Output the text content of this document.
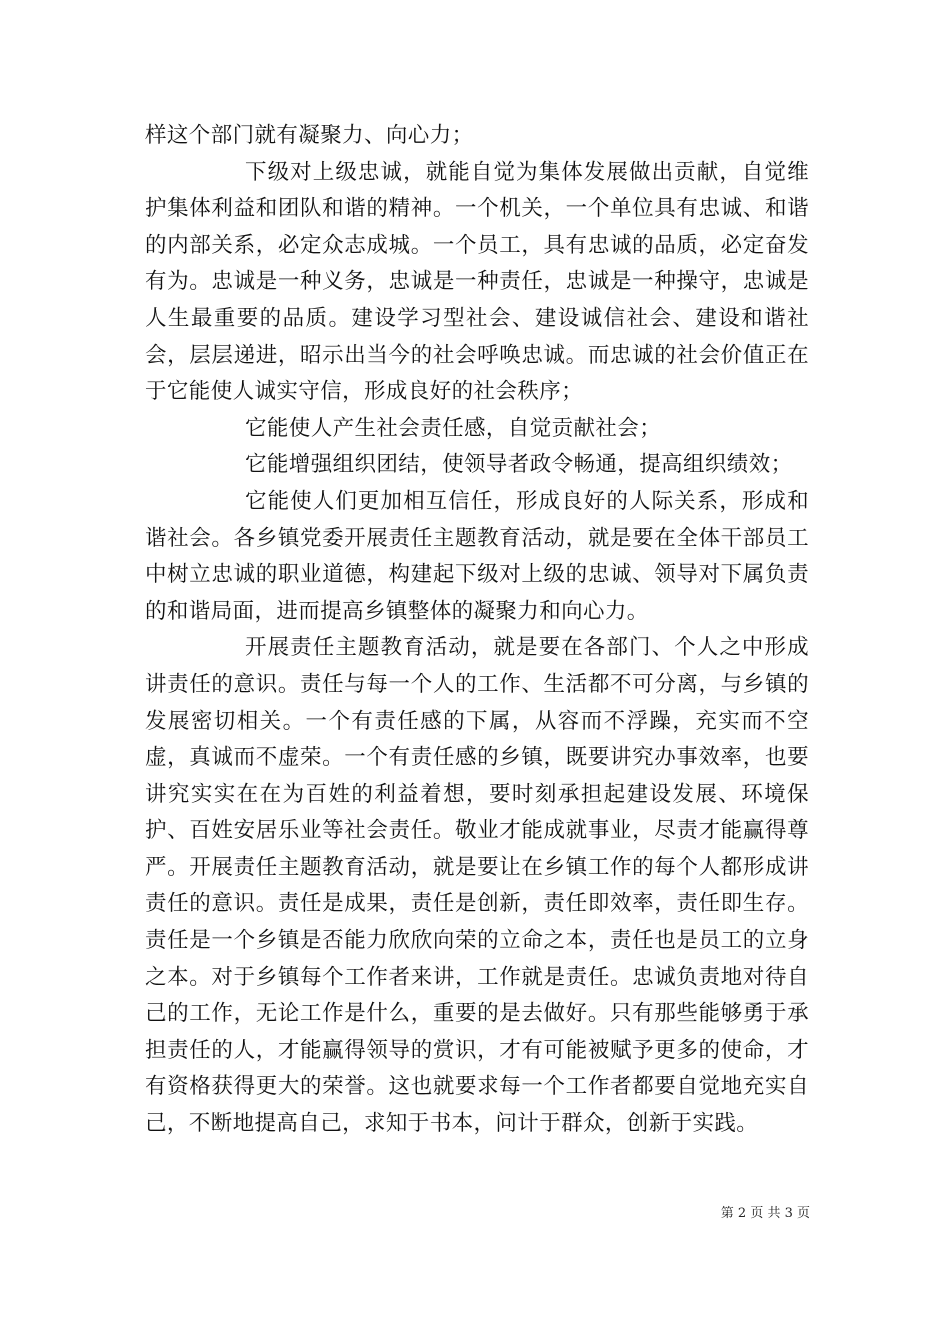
样这个部门就有凝聚力、向心力；

下级对上级忠诚，就能自觉为集体发展做出贡献，自觉维护集体利益和团队和谐的精神。一个机关，一个单位具有忠诚、和谐的内部关系，必定众志成城。一个员工，具有忠诚的品质，必定奋发有为。忠诚是一种义务，忠诚是一种责任，忠诚是一种操守，忠诚是人生最重要的品质。建设学习型社会、建设诚信社会、建设和谐社会，层层递进，昭示出当今的社会呼唤忠诚。而忠诚的社会价值正在于它能使人诚实守信，形成良好的社会秩序；

它能使人产生社会责任感，自觉贡献社会；

它能增强组织团结，使领导者政令畅通，提高组织绩效；

它能使人们更加相互信任，形成良好的人际关系，形成和谐社会。各乡镇党委开展责任主题教育活动，就是要在全体干部员工中树立忠诚的职业道德，构建起下级对上级的忠诚、领导对下属负责的和谐局面，进而提高乡镇整体的凝聚力和向心力。

开展责任主题教育活动，就是要在各部门、个人之中形成讲责任的意识。责任与每一个人的工作、生活都不可分离，与乡镇的发展密切相关。一个有责任感的下属，从容而不浮躁，充实而不空虚，真诚而不虚荣。一个有责任感的乡镇，既要讲究办事效率，也要讲究实实在在为百姓的利益着想，要时刻承担起建设发展、环境保护、百姓安居乐业等社会责任。敬业才能成就事业，尽责才能赢得尊严。开展责任主题教育活动，就是要让在乡镇工作的每个人都形成讲责任的意识。责任是成果，责任是创新，责任即效率，责任即生存。责任是一个乡镇是否能力欣欣向荣的立命之本，责任也是员工的立身之本。对于乡镇每个工作者来讲，工作就是责任。忠诚负责地对待自己的工作，无论工作是什么，重要的是去做好。只有那些能够勇于承担责任的人，才能赢得领导的赏识，才有可能被赋予更多的使命，才有资格获得更大的荣誉。这也就要求每一个工作者都要自觉地充实自己，不断地提高自己，求知于书本，问计于群众，创新于实践。

第 2 页 共 3 页
